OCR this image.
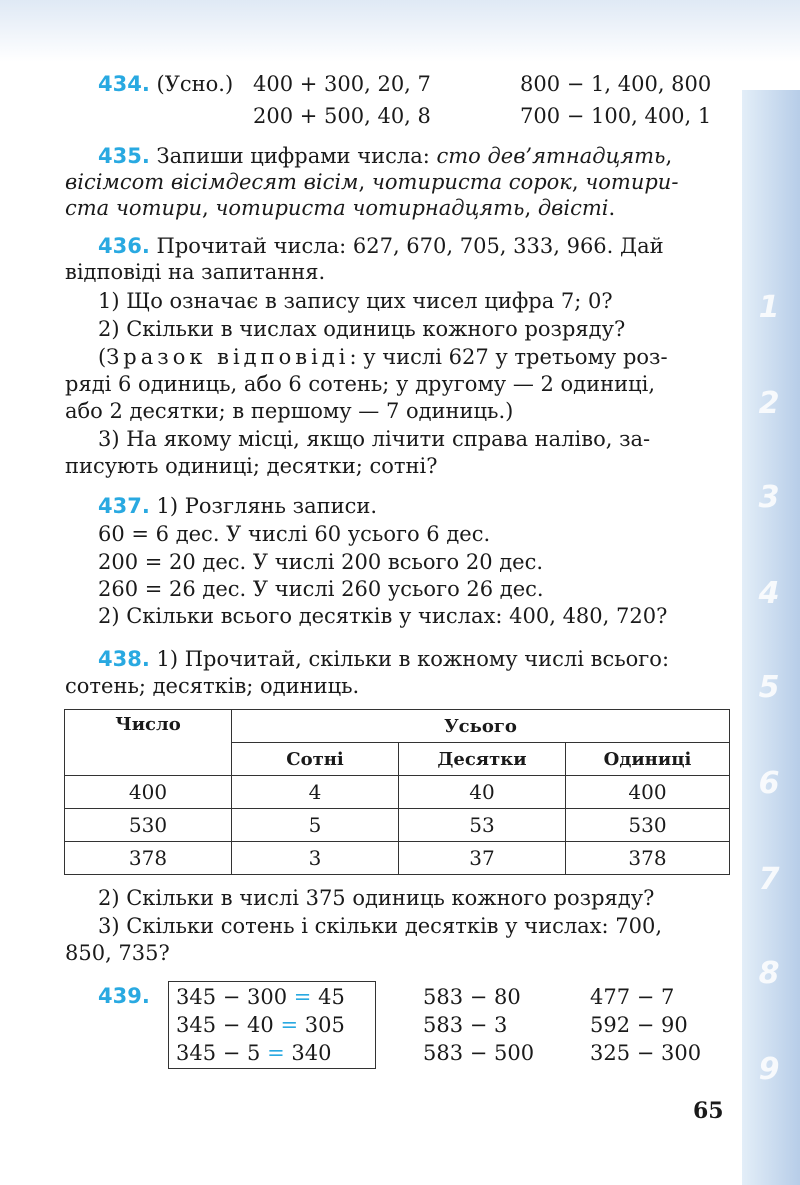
1
2
3
4
5
6
7
8
9
434. (Усно.) 400 + 300, 20, 7
200 + 500, 40, 8
800 − 1, 400, 800
700 − 100, 400, 1
435. Запиши цифрами числа: сто дев’ятнадцять,
вісімсот вісімдесят вісім, чотириста сорок, чотири-
ста чотири, чотириста чотирнадцять, двісті.
436. Прочитай числа: 627, 670, 705, 333, 966. Дай
відповіді на запитання.
1) Що означає в запису цих чисел цифра 7; 0?
2) Скільки в числах одиниць кожного розряду?
(Зразок відповіді: у числі 627 у третьому роз-
ряді 6 одиниць, або 6 сотень; у другому — 2 одиниці,
або 2 десятки; в першому — 7 одиниць.)
3) На якому місці, якщо лічити справа наліво, за-
писують одиниці; десятки; сотні?
437. 1) Розглянь записи.
60 = 6 дес. У числі 60 усього 6 дес.
200 = 20 дес. У числі 200 всього 20 дес.
260 = 26 дес. У числі 260 усього 26 дес.
2) Скільки всього десятків у числах: 400, 480, 720?
438. 1) Прочитай, скільки в кожному числі всього:
сотень; десятків; одиниць.
Число	Усього		
	Сотні	Десятки	Одиниці
400	4	40	400
530	5	53	530
378	3	37	378
2) Скільки в числі 375 одиниць кожного розряду?
3) Скільки сотень і скільки десятків у числах: 700,
850, 735?
439. 345 − 300 = 45
345 − 40 = 305
345 − 5 = 340
583 − 80
583 − 3
583 − 500
477 − 7
592 − 90
325 − 300
65
